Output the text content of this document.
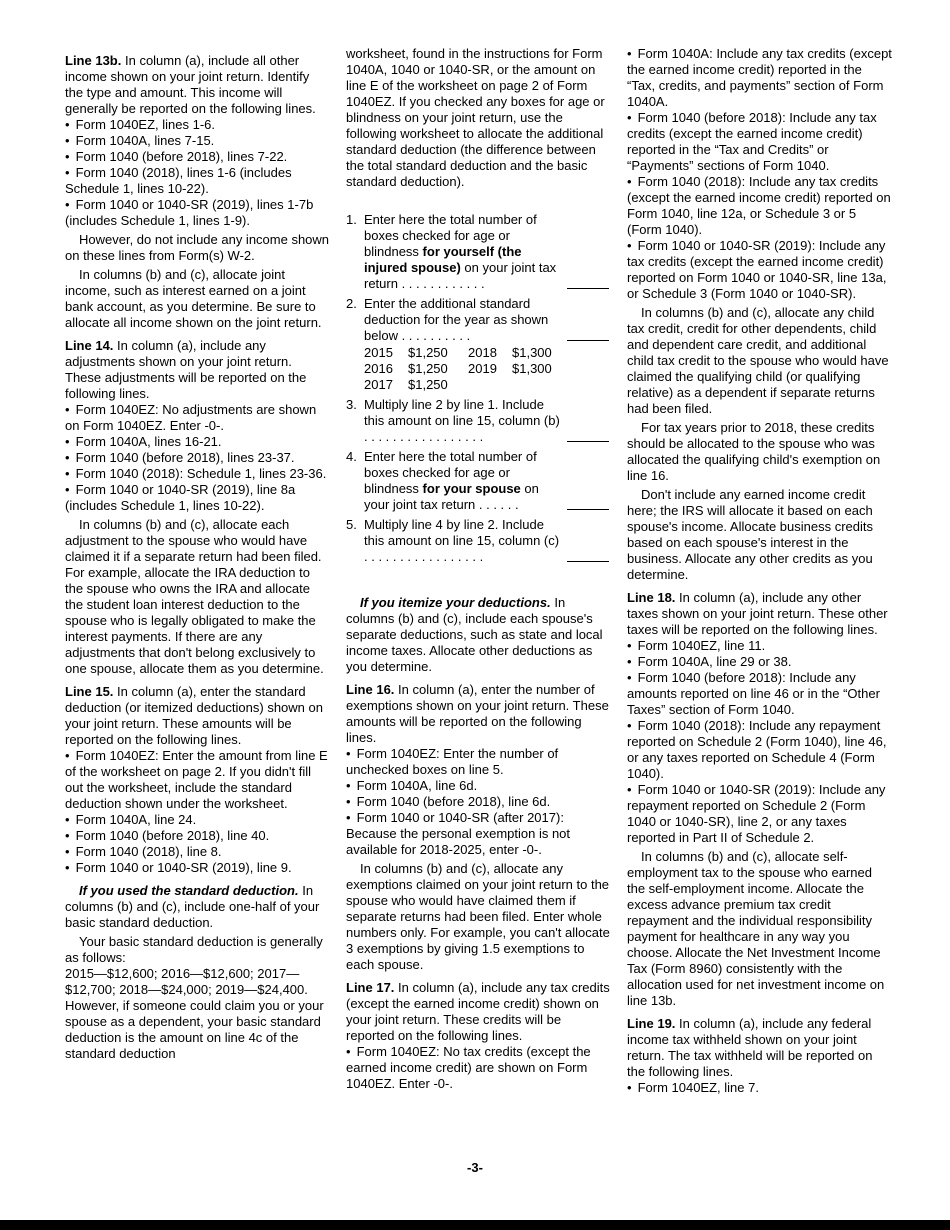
Line 13b. In column (a), include all other income shown on your joint return. Identify the type and amount. This income will generally be reported on the following lines.
• Form 1040EZ, lines 1-6.
• Form 1040A, lines 7-15.
• Form 1040 (before 2018), lines 7-22.
• Form 1040 (2018), lines 1-6 (includes Schedule 1, lines 10-22).
• Form 1040 or 1040-SR (2019), lines 1-7b (includes Schedule 1, lines 1-9).
However, do not include any income shown on these lines from Form(s) W-2.
In columns (b) and (c), allocate joint income, such as interest earned on a joint bank account, as you determine. Be sure to allocate all income shown on the joint return.
Line 14. In column (a), include any adjustments shown on your joint return. These adjustments will be reported on the following lines.
• Form 1040EZ: No adjustments are shown on Form 1040EZ. Enter -0-.
• Form 1040A, lines 16-21.
• Form 1040 (before 2018), lines 23-37.
• Form 1040 (2018): Schedule 1, lines 23-36.
• Form 1040 or 1040-SR (2019), line 8a (includes Schedule 1, lines 10-22).
In columns (b) and (c), allocate each adjustment to the spouse who would have claimed it if a separate return had been filed. For example, allocate the IRA deduction to the spouse who owns the IRA and allocate the student loan interest deduction to the spouse who is legally obligated to make the interest payments. If there are any adjustments that don't belong exclusively to one spouse, allocate them as you determine.
Line 15. In column (a), enter the standard deduction (or itemized deductions) shown on your joint return. These amounts will be reported on the following lines.
• Form 1040EZ: Enter the amount from line E of the worksheet on page 2. If you didn't fill out the worksheet, include the standard deduction shown under the worksheet.
• Form 1040A, line 24.
• Form 1040 (before 2018), line 40.
• Form 1040 (2018), line 8.
• Form 1040 or 1040-SR (2019), line 9.
If you used the standard deduction. In columns (b) and (c), include one-half of your basic standard deduction.
Your basic standard deduction is generally as follows:
2015—$12,600; 2016—$12,600; 2017—$12,700; 2018—$24,000; 2019—$24,400.
However, if someone could claim you or your spouse as a dependent, your basic standard deduction is the amount on line 4c of the standard deduction
worksheet, found in the instructions for Form 1040A, 1040 or 1040-SR, or the amount on line E of the worksheet on page 2 of Form 1040EZ. If you checked any boxes for age or blindness on your joint return, use the following worksheet to allocate the additional standard deduction (the difference between the total standard deduction and the basic standard deduction).
1. Enter here the total number of boxes checked for age or blindness for yourself (the injured spouse) on your joint tax return . . . . . . . . . . . .
2. Enter the additional standard deduction for the year as shown below . . . . . . . . . .
2015	$1,250	2018	$1,300
2016	$1,250	2019	$1,300
2017	$1,250
3. Multiply line 2 by line 1. Include this amount on line 15, column (b) . . . . . . . . . . . . . . . . .
4. Enter here the total number of boxes checked for age or blindness for your spouse on your joint tax return . . . . . .
5. Multiply line 4 by line 2. Include this amount on line 15, column (c) . . . . . . . . . . . . . . . . .
If you itemize your deductions. In columns (b) and (c), include each spouse's separate deductions, such as state and local income taxes. Allocate other deductions as you determine.
Line 16. In column (a), enter the number of exemptions shown on your joint return. These amounts will be reported on the following lines.
• Form 1040EZ: Enter the number of unchecked boxes on line 5.
• Form 1040A, line 6d.
• Form 1040 (before 2018), line 6d.
• Form 1040 or 1040-SR (after 2017): Because the personal exemption is not available for 2018-2025, enter -0-.
In columns (b) and (c), allocate any exemptions claimed on your joint return to the spouse who would have claimed them if separate returns had been filed. Enter whole numbers only. For example, you can't allocate 3 exemptions by giving 1.5 exemptions to each spouse.
Line 17. In column (a), include any tax credits (except the earned income credit) shown on your joint return. These credits will be reported on the following lines.
• Form 1040EZ: No tax credits (except the earned income credit) are shown on Form 1040EZ. Enter -0-.
• Form 1040A: Include any tax credits (except the earned income credit) reported in the “Tax, credits, and payments” section of Form 1040A.
• Form 1040 (before 2018): Include any tax credits (except the earned income credit) reported in the “Tax and Credits” or “Payments” sections of Form 1040.
• Form 1040 (2018): Include any tax credits (except the earned income credit) reported on Form 1040, line 12a, or Schedule 3 or 5 (Form 1040).
• Form 1040 or 1040-SR (2019): Include any tax credits (except the earned income credit) reported on Form 1040 or 1040-SR, line 13a, or Schedule 3 (Form 1040 or 1040-SR).
In columns (b) and (c), allocate any child tax credit, credit for other dependents, child and dependent care credit, and additional child tax credit to the spouse who would have claimed the qualifying child (or qualifying relative) as a dependent if separate returns had been filed.
For tax years prior to 2018, these credits should be allocated to the spouse who was allocated the qualifying child's exemption on line 16.
Don't include any earned income credit here; the IRS will allocate it based on each spouse's income. Allocate business credits based on each spouse's interest in the business. Allocate any other credits as you determine.
Line 18. In column (a), include any other taxes shown on your joint return. These other taxes will be reported on the following lines.
• Form 1040EZ, line 11.
• Form 1040A, line 29 or 38.
• Form 1040 (before 2018): Include any amounts reported on line 46 or in the “Other Taxes” section of Form 1040.
• Form 1040 (2018): Include any repayment reported on Schedule 2 (Form 1040), line 46, or any taxes reported on Schedule 4 (Form 1040).
• Form 1040 or 1040-SR (2019): Include any repayment reported on Schedule 2 (Form 1040 or 1040-SR), line 2, or any taxes reported in Part II of Schedule 2.
In columns (b) and (c), allocate self-employment tax to the spouse who earned the self-employment income. Allocate the excess advance premium tax credit repayment and the individual responsibility payment for healthcare in any way you choose. Allocate the Net Investment Income Tax (Form 8960) consistently with the allocation used for net investment income on line 13b.
Line 19. In column (a), include any federal income tax withheld shown on your joint return. The tax withheld will be reported on the following lines.
• Form 1040EZ, line 7.
-3-
